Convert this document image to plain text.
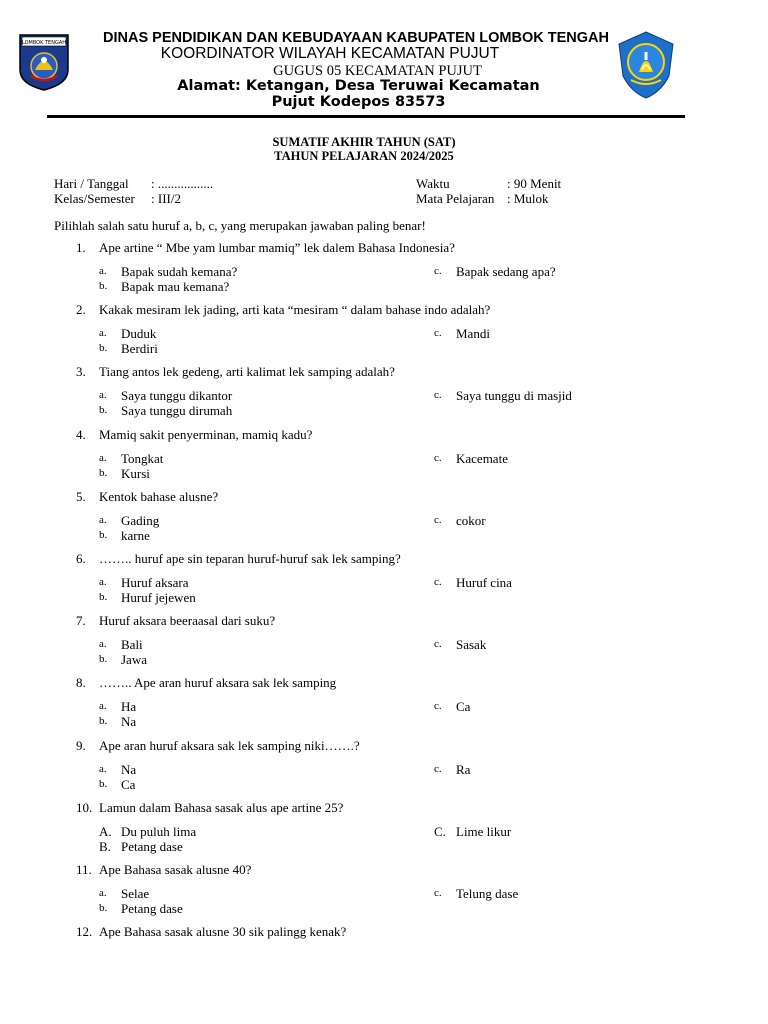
LOMBOK TENGAH	DINAS PENDIDIKAN DAN KEBUDAYAAN KABUPATEN LOMBOK TENGAH
KOORDINATOR WILAYAH KECAMATAN PUJUT
GUGUS 05 KECAMATAN PUJUT
Alamat: Ketangan, Desa Teruwai Kecamatan
Pujut Kodepos 83573
SUMATIF AKHIR TAHUN (SAT)
TAHUN PELAJARAN 2024/2025
Hari / Tanggal : .................
Kelas/Semester : III/2
Waktu	: 90 Menit
Mata Pelajaran : Mulok
Pilihlah salah satu huruf a, b, c, yang merupakan jawaban paling benar!
1. Ape artine “ Mbe yam lumbar mamiq” lek dalem Bahasa Indonesia?
a.	Bapak sudah kemana?
b.	Bapak mau kemana?
c.	Bapak sedang apa?
2. Kakak mesiram lek jading, arti kata “mesiram “ dalam bahase indo adalah?
a.	Duduk
b.	Berdiri
c.	Mandi
3. Tiang antos lek gedeng, arti kalimat lek samping adalah?
a.	Saya tunggu dikantor
b.	Saya tunggu dirumah
c.	Saya tunggu di masjid
4. Mamiq sakit penyerminan, mamiq kadu?
a.	Tongkat
b.	Kursi
c.	Kacemate
5. Kentok bahase alusne?
a.	Gading
b.	karne
c.	cokor
6. …….. huruf ape sin teparan huruf-huruf sak lek samping?
a.	Huruf aksara
b.	Huruf jejewen
c.	Huruf cina
7. Huruf aksara beeraasal dari suku?
a.	Bali
b.	Jawa
c.	Sasak
8. …….. Ape aran huruf aksara sak lek samping
a.	Ha
b.	Na
c.	Ca
9. Ape aran huruf aksara sak lek samping niki…….?
a.	Na
b.	Ca
c.	Ra
10. Lamun dalam Bahasa sasak alus ape artine 25?
A. Du puluh lima
B. Petang dase
C. Lime likur
11. Ape Bahasa sasak alusne 40?
a.	Selae
b.	Petang dase
c.	Telung dase
12. Ape Bahasa sasak alusne 30 sik palingg kenak?
